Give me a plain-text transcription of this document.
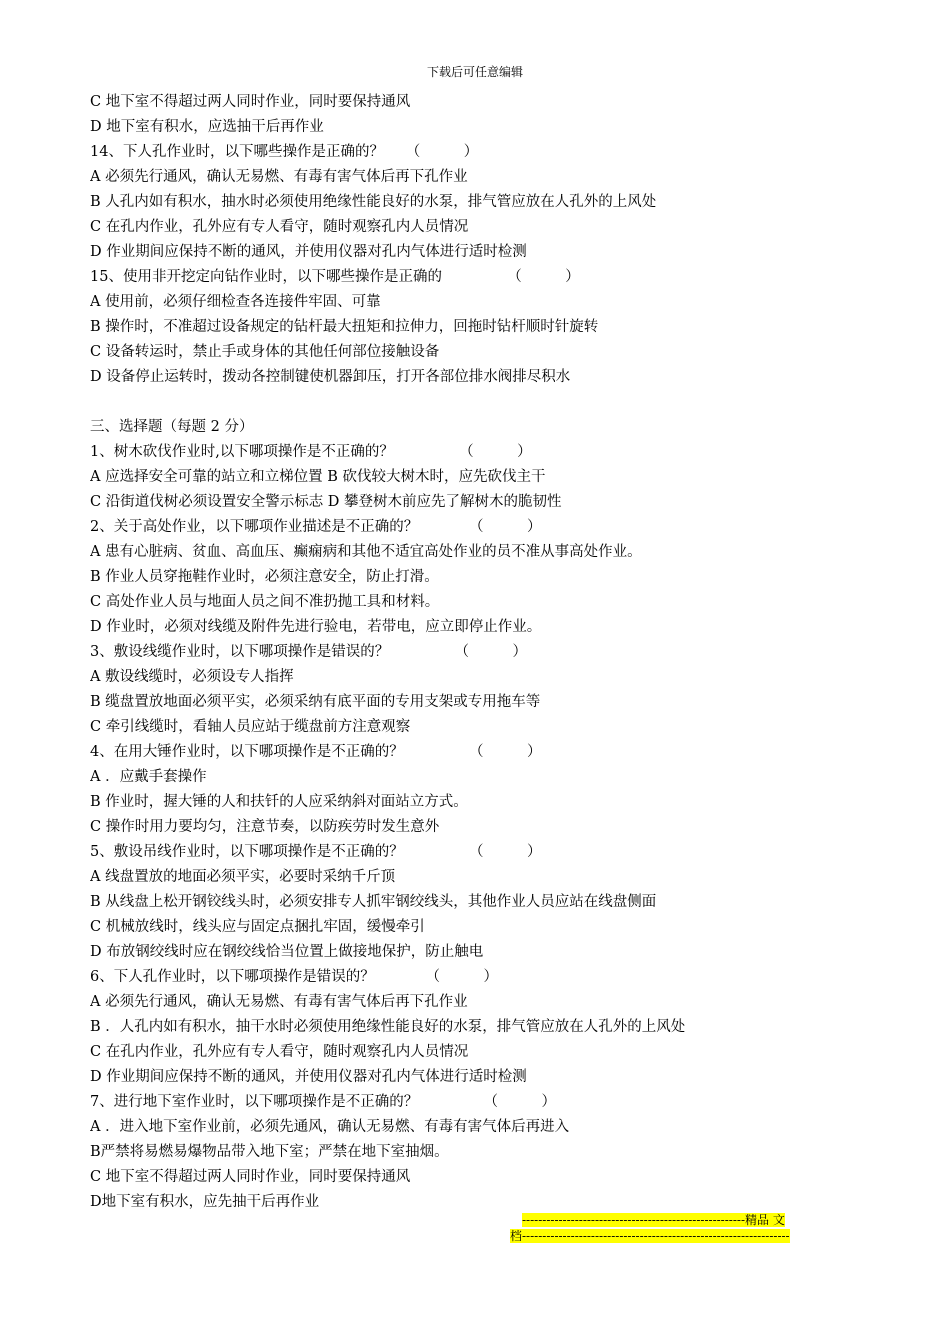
下载后可任意编辑
C 地下室不得超过两人同时作业，同时要保持通风
D 地下室有积水，应选抽干后再作业
14、下人孔作业时，以下哪些操作是正确的？　　（　　　）
A 必须先行通风，确认无易燃、有毒有害气体后再下孔作业
B 人孔内如有积水，抽水时必须使用绝缘性能良好的水泵，排气管应放在人孔外的上风处
C 在孔内作业，孔外应有专人看守，随时观察孔内人员情况
D 作业期间应保持不断的通风，并使用仪器对孔内气体进行适时检测
15、使用非开挖定向钻作业时，以下哪些操作是正确的　　　　　（　　　）
A 使用前，必须仔细检查各连接件牢固、可靠
B 操作时，不准超过设备规定的钻杆最大扭矩和拉伸力，回拖时钻杆顺时针旋转
C 设备转运时，禁止手或身体的其他任何部位接触设备
D 设备停止运转时，拨动各控制键使机器卸压，打开各部位排水阀排尽积水
三、选择题（每题 2 分）
1、树木砍伐作业时,以下哪项操作是不正确的？　　　　　（　　　）
A 应选择安全可靠的站立和立梯位置 B 砍伐较大树木时，应先砍伐主干
C 沿街道伐树必须设置安全警示标志 D 攀登树木前应先了解树木的脆韧性
2、关于高处作业，以下哪项作业描述是不正确的？　　　　（　　　）
A 患有心脏病、贫血、高血压、癫痫病和其他不适宜高处作业的员不准从事高处作业。
B 作业人员穿拖鞋作业时，必须注意安全，防止打滑。
C 高处作业人员与地面人员之间不准扔抛工具和材料。
D 作业时，必须对线缆及附件先进行验电，若带电，应立即停止作业。
3、敷设线缆作业时，以下哪项操作是错误的？　　　　　（　　　）
A 敷设线缆时，必须设专人指挥
B 缆盘置放地面必须平实，必须采纳有底平面的专用支架或专用拖车等
C 牵引线缆时，看轴人员应站于缆盘前方注意观察
4、在用大锤作业时，以下哪项操作是不正确的？　　　　　（　　　）
A ．应戴手套操作
B 作业时，握大锤的人和扶钎的人应采纳斜对面站立方式。
C 操作时用力要均匀，注意节奏，以防疾劳时发生意外
5、敷设吊线作业时，以下哪项操作是不正确的？　　　　　（　　　）
A 线盘置放的地面必须平实，必要时采纳千斤顶
B 从线盘上松开钢铰线头时，必须安排专人抓牢钢绞线头，其他作业人员应站在线盘侧面
C 机械放线时，线头应与固定点捆扎牢固，缓慢牵引
D 布放钢绞线时应在钢绞线恰当位置上做接地保护，防止触电
6、下人孔作业时，以下哪项操作是错误的？　　　　（　　　）
A 必须先行通风，确认无易燃、有毒有害气体后再下孔作业
B ．人孔内如有积水，抽干水时必须使用绝缘性能良好的水泵，排气管应放在人孔外的上风处
C 在孔内作业，孔外应有专人看守，随时观察孔内人员情况
D 作业期间应保持不断的通风，并使用仪器对孔内气体进行适时检测
7、进行地下室作业时，以下哪项操作是不正确的？　　　　　（　　　）
A ．进入地下室作业前，必须先通风，确认无易燃、有毒有害气体后再进入
B严禁将易燃易爆物品带入地下室；严禁在地下室抽烟。
C 地下室不得超过两人同时作业，同时要保持通风
D地下室有积水，应先抽干后再作业
-------------------------------------------------------精品 文
档------------------------------------------------------------------
